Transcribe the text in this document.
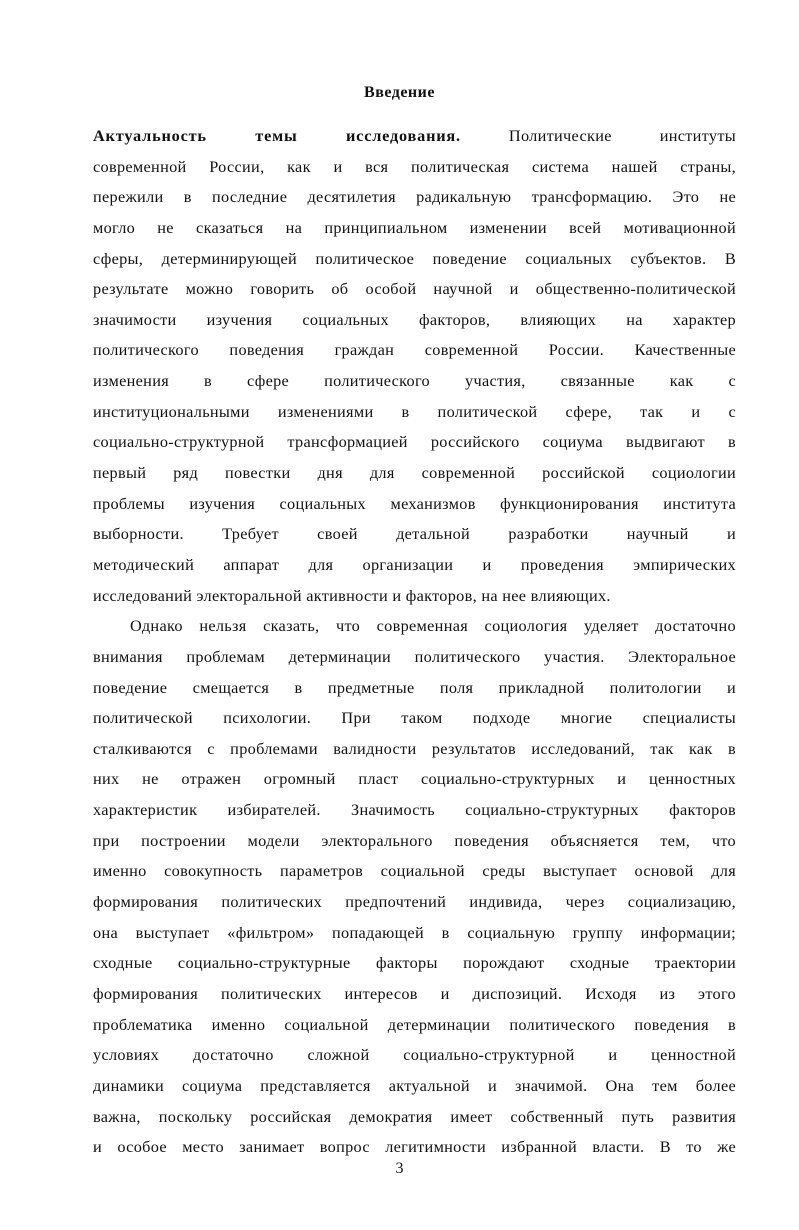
Введение
Актуальность темы исследования.	Политические институты
современной России, как и вся политическая система нашей страны,
пережили в последние десятилетия радикальную трансформацию. Это не
могло не сказаться на принципиальном изменении всей мотивационной
сферы, детерминирующей политическое поведение социальных субъектов. В
результате можно говорить об особой научной и общественно-политической
значимости изучения социальных факторов, влияющих на характер
политического поведения граждан современной России. Качественные
изменения в сфере политического участия, связанные как с
институциональными изменениями в политической сфере, так и с
социально-структурной трансформацией российского социума выдвигают в
первый ряд повестки дня для современной российской социологии
проблемы изучения социальных механизмов функционирования института
выборности. Требует своей детальной разработки научный и
методический аппарат для организации и проведения эмпирических
исследований электоральной активности и факторов, на нее влияющих.
Однако нельзя сказать, что современная социология уделяет достаточно
внимания проблемам детерминации политического участия. Электоральное
поведение смещается в предметные поля прикладной политологии и
политической психологии. При таком подходе многие специалисты
сталкиваются с проблемами валидности результатов исследований, так как в
них не отражен огромный пласт социально-структурных и ценностных
характеристик избирателей. Значимость социально-структурных факторов
при построении модели электорального поведения объясняется тем, что
именно совокупность параметров социальной среды выступает основой для
формирования политических предпочтений индивида, через социализацию,
она выступает «фильтром» попадающей в социальную группу информации;
сходные социально-структурные факторы порождают сходные траектории
формирования политических интересов и диспозиций. Исходя из этого
проблематика именно социальной детерминации политического поведения в
условиях достаточно сложной социально-структурной и ценностной
динамики социума представляется актуальной и значимой. Она тем более
важна, поскольку российская демократия имеет собственный путь развития
и особое место занимает вопрос легитимности избранной власти. В то же
3
